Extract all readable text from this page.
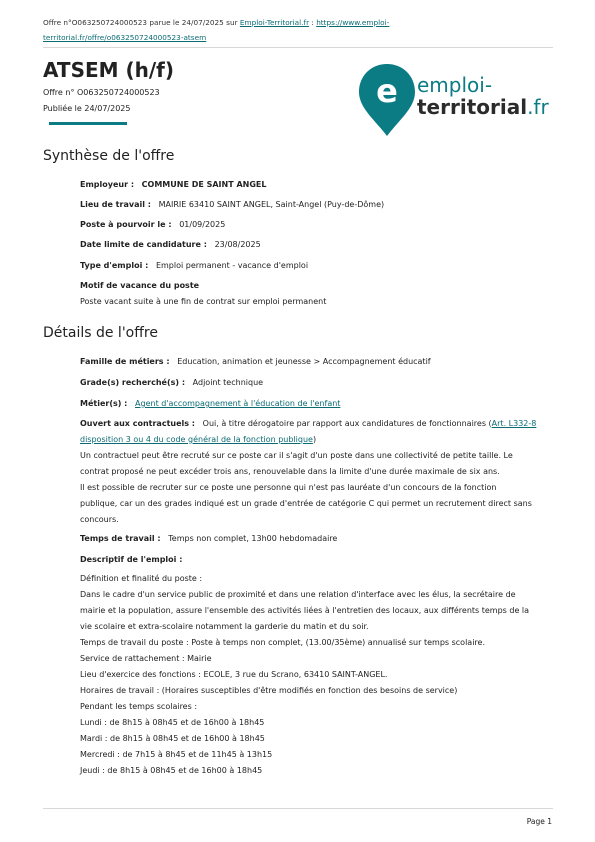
Offre n°O063250724000523 parue le 24/07/2025 sur Emploi-Territorial.fr : https://www.emploi-territorial.fr/offre/o063250724000523-atsem
ATSEM (h/f)
Offre n° O063250724000523
Publiée le 24/07/2025	e emploi-
territorial.fr
Synthèse de l'offre
Employeur : COMMUNE DE SAINT ANGEL
Lieu de travail : MAIRIE 63410 SAINT ANGEL, Saint-Angel (Puy-de-Dôme)
Poste à pourvoir le : 01/09/2025
Date limite de candidature : 23/08/2025
Type d'emploi : Emploi permanent - vacance d'emploi
Motif de vacance du poste
Poste vacant suite à une fin de contrat sur emploi permanent
Détails de l'offre
Famille de métiers : Education, animation et jeunesse > Accompagnement éducatif
Grade(s) recherché(s) : Adjoint technique
Métier(s) : Agent d'accompagnement à l'éducation de l'enfant
Ouvert aux contractuels : Oui, à titre dérogatoire par rapport aux candidatures de fonctionnaires (Art. L332-8
disposition 3 ou 4 du code général de la fonction publique)

Un contractuel peut être recruté sur ce poste car il s'agit d'un poste dans une collectivité de petite taille. Le

contrat proposé ne peut excéder trois ans, renouvelable dans la limite d'une durée maximale de six ans.

Il est possible de recruter sur ce poste une personne qui n'est pas lauréate d'un concours de la fonction

publique, car un des grades indiqué est un grade d'entrée de catégorie C qui permet un recrutement direct sans

concours.

Temps de travail : Temps non complet, 13h00 hebdomadaire
Descriptif de l'emploi :

Définition et finalité du poste :

Dans le cadre d'un service public de proximité et dans une relation d'interface avec les élus, la secrétaire de

mairie et la population, assure l'ensemble des activités liées à l'entretien des locaux, aux différents temps de la

vie scolaire et extra-scolaire notamment la garderie du matin et du soir.

Temps de travail du poste : Poste à temps non complet, (13.00/35ème) annualisé sur temps scolaire.

Service de rattachement : Mairie

Lieu d'exercice des fonctions : ECOLE, 3 rue du Scrano, 63410 SAINT-ANGEL.

Horaires de travail : (Horaires susceptibles d'être modifiés en fonction des besoins de service)

Pendant les temps scolaires :

Lundi : de 8h15 à 08h45 et de 16h00 à 18h45

Mardi : de 8h15 à 08h45 et de 16h00 à 18h45

Mercredi : de 7h15 à 8h45 et de 11h45 à 13h15

Jeudi : de 8h15 à 08h45 et de 16h00 à 18h45

Page 1
